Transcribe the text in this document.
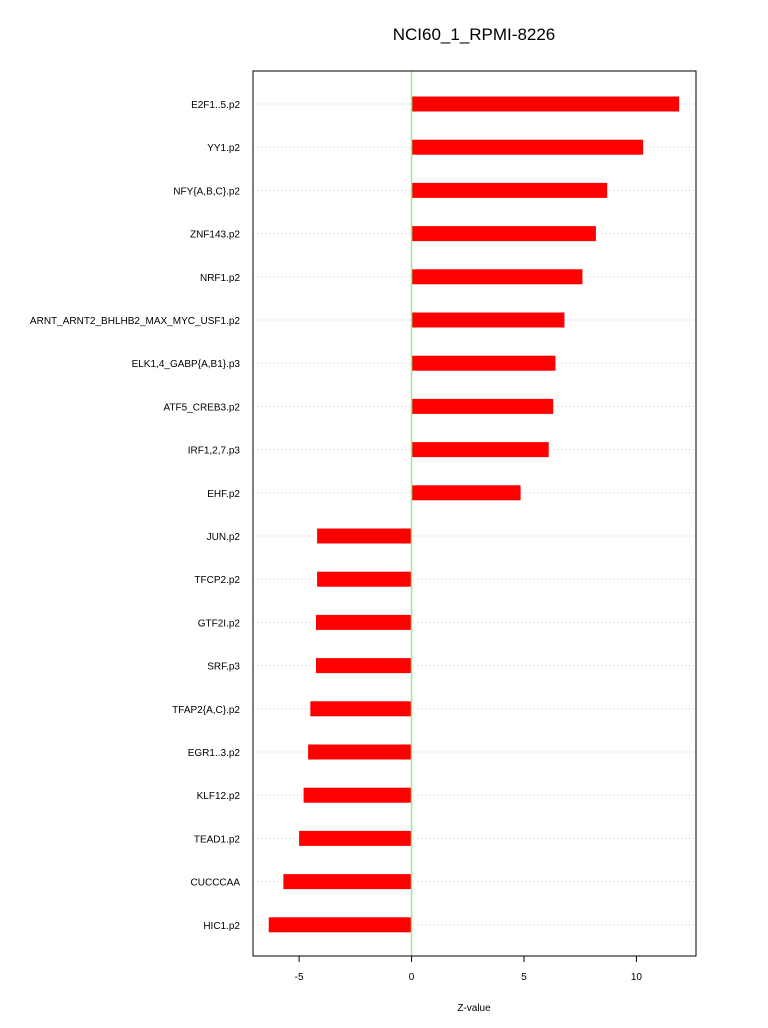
NCI60_1_RPMI-8226
E2F1..5.p2
YY1.p2
NFY{A,B,C}.p2
ZNF143.p2
NRF1.p2
ARNT_ARNT2_BHLHB2_MAX_MYC_USF1.p2
ELK1,4_GABP{A,B1}.p3
ATF5_CREB3.p2
IRF1,2,7.p3
EHF.p2
JUN.p2
TFCP2.p2
GTF2I.p2
SRF.p3
TFAP2{A,C}.p2
EGR1..3.p2
KLF12.p2
TEAD1.p2
CUCCCAA
HIC1.p2
-5	0	5	10
Z-value
